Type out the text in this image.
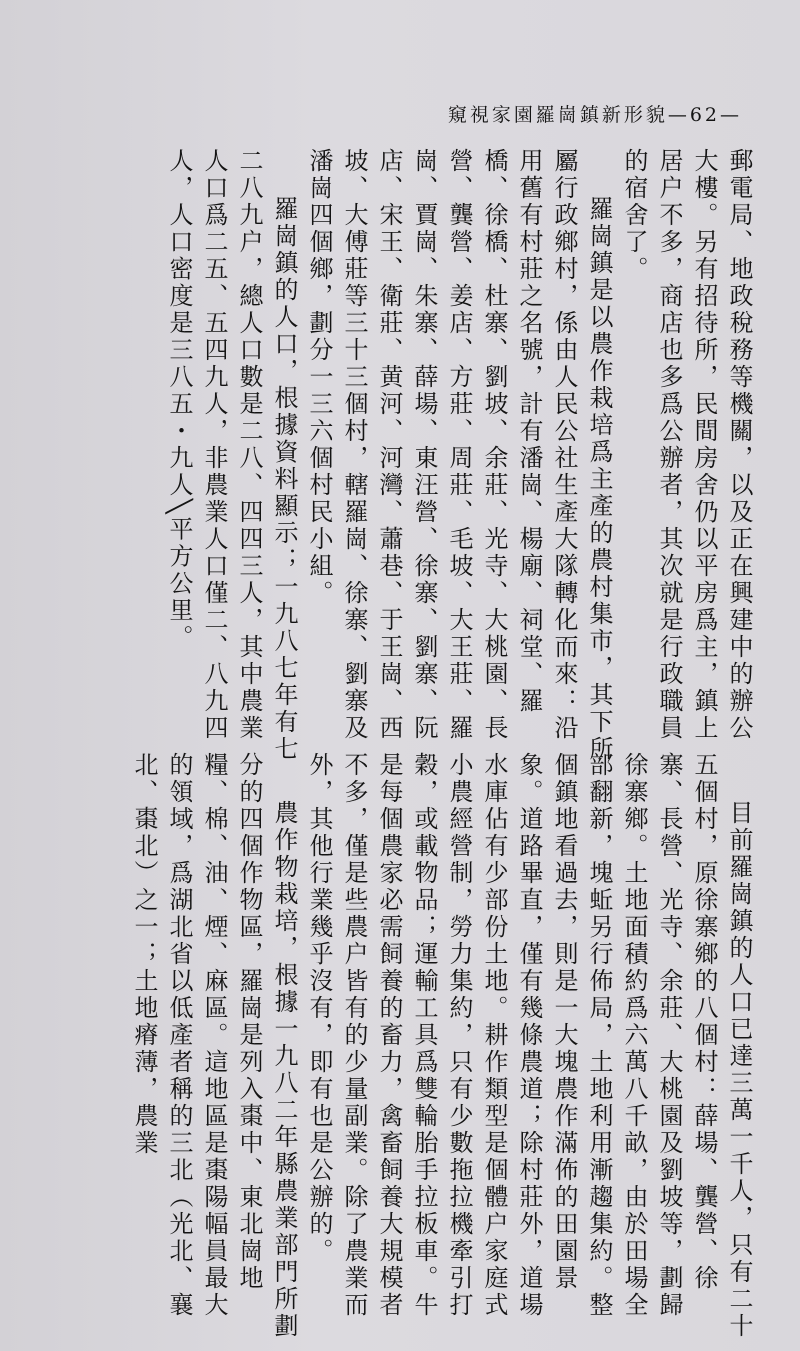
窺視家園羅崗鎮新形貌—62—

郵電局、地政稅務等機關，以及正在興建中的辦公大樓。另有招待所，民間房舍仍以平房爲主，鎮上居户不多，商店也多爲公辦者，其次就是行政職員的宿舍了。

羅崗鎮是以農作栽培爲主產的農村集市，其下所屬行政鄉村，係由人民公社生產大隊轉化而來：沿用舊有村莊之名號，計有潘崗、楊廟、祠堂、羅橋、徐橋、杜寨、劉坡、余莊、光寺、大桃園、長營、龔營、姜店、方莊、周莊、毛坡、大王莊、羅崗、賈崗、朱寨、薛場、東汪營、徐寨、劉寨、阮店、宋王、衛莊、黄河、河灣、蕭巷、于王崗、西坡、大傅莊等三十三個村，轄羅崗、徐寨、劉寨及潘崗四個鄉，劃分一三六個村民小組。

羅崗鎮的人口，根據資料顯示；一九八七年有七二八九户，總人口數是二八、四四三人，其中農業人口爲二五、五四九人，非農業人口僅二、八九四人，人口密度是三八五・九人╲平方公里。

目前羅崗鎮的人口已達三萬一千人，只有二十五個村，原徐寨鄉的八個村：薛場、龔營、徐寨、長營、光寺、余莊、大桃園及劉坡等，劃歸徐寨鄉。土地面積約爲六萬八千畝，由於田場全部翻新，塊蚯另行佈局，土地利用漸趨集約。整個鎮地看過去，則是一大塊農作滿佈的田園景象。道路畢直，僅有幾條農道；除村莊外，道場水庫佔有少部份土地。耕作類型是個體户家庭式小農經營制，勞力集約，只有少數拖拉機牽引打穀，或載物品；運輸工具爲雙輪胎手拉板車。牛是每個農家必需飼養的畜力，禽畜飼養大規模者不多，僅是些農户皆有的少量副業。除了農業而外，其他行業幾乎沒有，即有也是公辦的。

農作物栽培，根據一九八二年縣農業部門所劃分的四個作物區，羅崗是列入棗中、東北崗地糧、棉、油、煙、麻區。這地區是棗陽幅員最大的領域，爲湖北省以低產者稱的三北（光北、襄北、棗北）之一；土地瘠薄，農業
